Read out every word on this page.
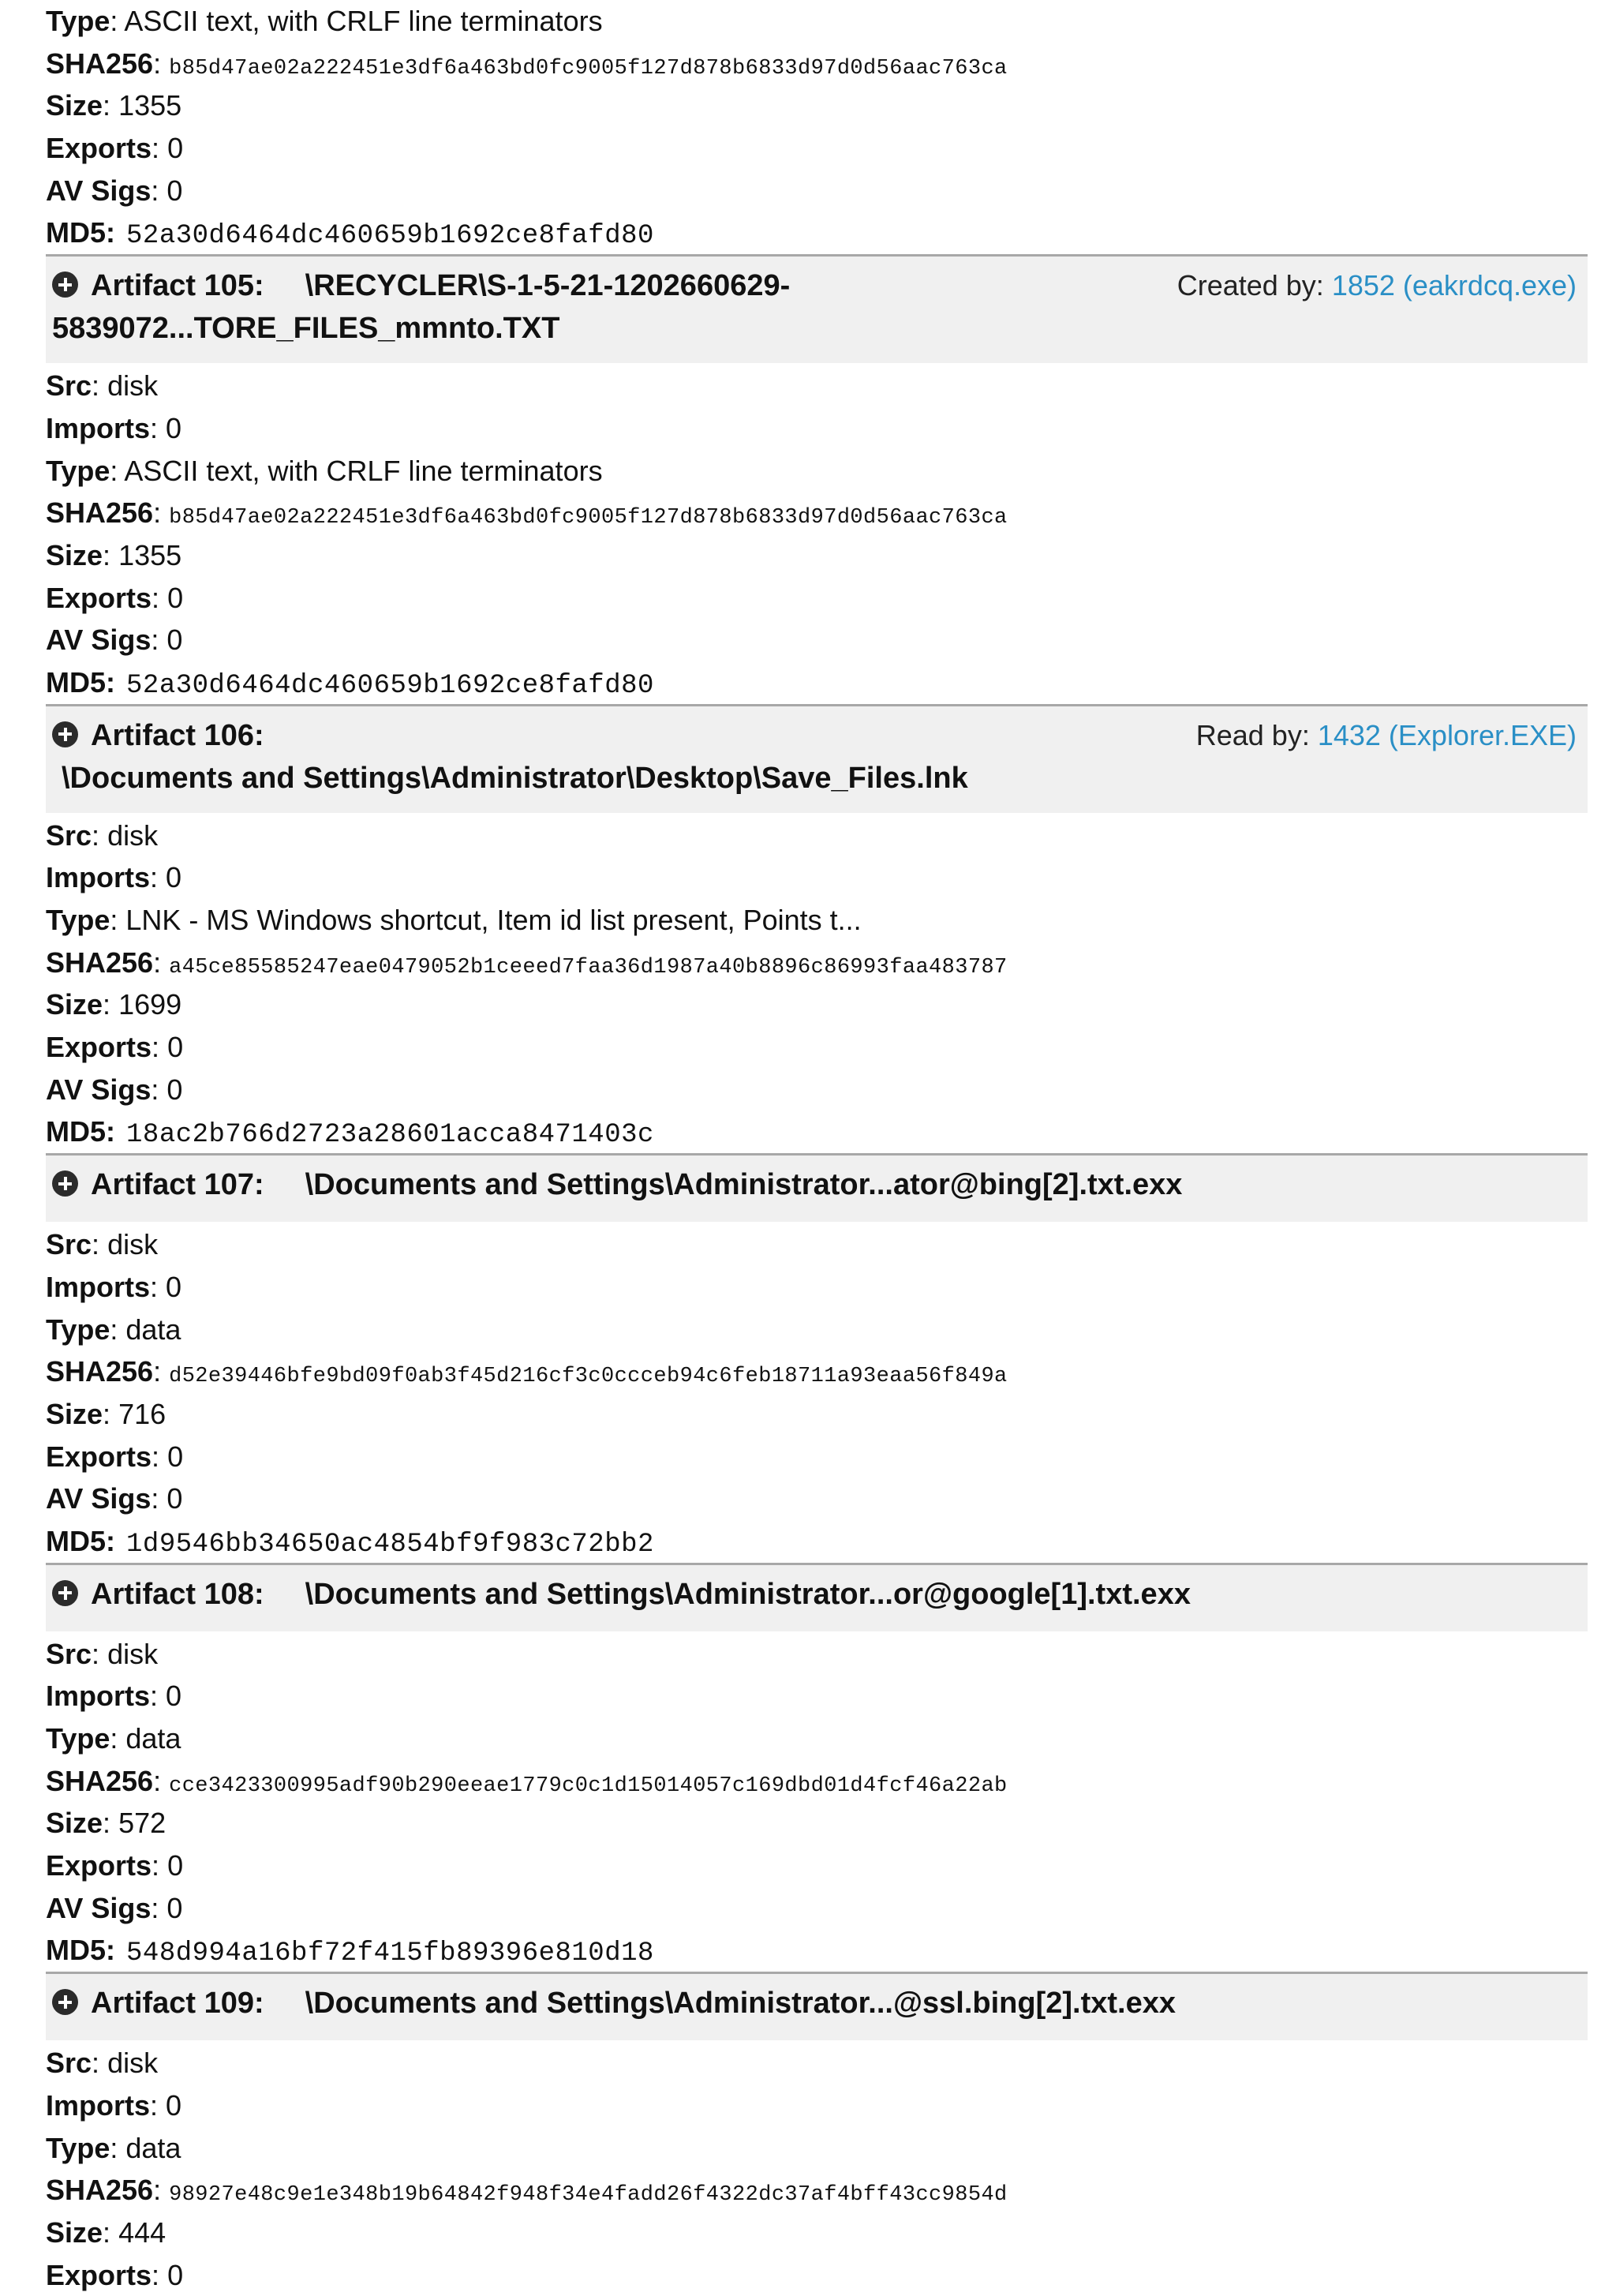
Type: ASCII text, with CRLF line terminators
SHA256: b85d47ae02a222451e3df6a463bd0fc9005f127d878b6833d97d0d56aac763ca
Size: 1355
Exports: 0
AV Sigs: 0
MD5: 52a30d6464dc460659b1692ce8fafd80
Artifact 105: \RECYCLER\S-1-5-21-1202660629-
5839072...TORE_FILES_mmnto.TXT
Created by: 1852 (eakrdcq.exe)
Src: disk
Imports: 0
Type: ASCII text, with CRLF line terminators
SHA256: b85d47ae02a222451e3df6a463bd0fc9005f127d878b6833d97d0d56aac763ca
Size: 1355
Exports: 0
AV Sigs: 0
MD5: 52a30d6464dc460659b1692ce8fafd80
Artifact 106:
\Documents and Settings\Administrator\Desktop\Save_Files.lnk
Read by: 1432 (Explorer.EXE)
Src: disk
Imports: 0
Type: LNK - MS Windows shortcut, Item id list present, Points t...
SHA256: a45ce85585247eae0479052b1ceeed7faa36d1987a40b8896c86993faa483787
Size: 1699
Exports: 0
AV Sigs: 0
MD5: 18ac2b766d2723a28601acca8471403c
Artifact 107: \Documents and Settings\Administrator...ator@bing[2].txt.exx
Src: disk
Imports: 0
Type: data
SHA256: d52e39446bfe9bd09f0ab3f45d216cf3c0ccceb94c6feb18711a93eaa56f849a
Size: 716
Exports: 0
AV Sigs: 0
MD5: 1d9546bb34650ac4854bf9f983c72bb2
Artifact 108: \Documents and Settings\Administrator...or@google[1].txt.exx
Src: disk
Imports: 0
Type: data
SHA256: cce3423300995adf90b290eeae1779c0c1d15014057c169dbd01d4fcf46a22ab
Size: 572
Exports: 0
AV Sigs: 0
MD5: 548d994a16bf72f415fb89396e810d18
Artifact 109: \Documents and Settings\Administrator...@ssl.bing[2].txt.exx
Src: disk
Imports: 0
Type: data
SHA256: 98927e48c9e1e348b19b64842f948f34e4fadd26f4322dc37af4bff43cc9854d
Size: 444
Exports: 0
